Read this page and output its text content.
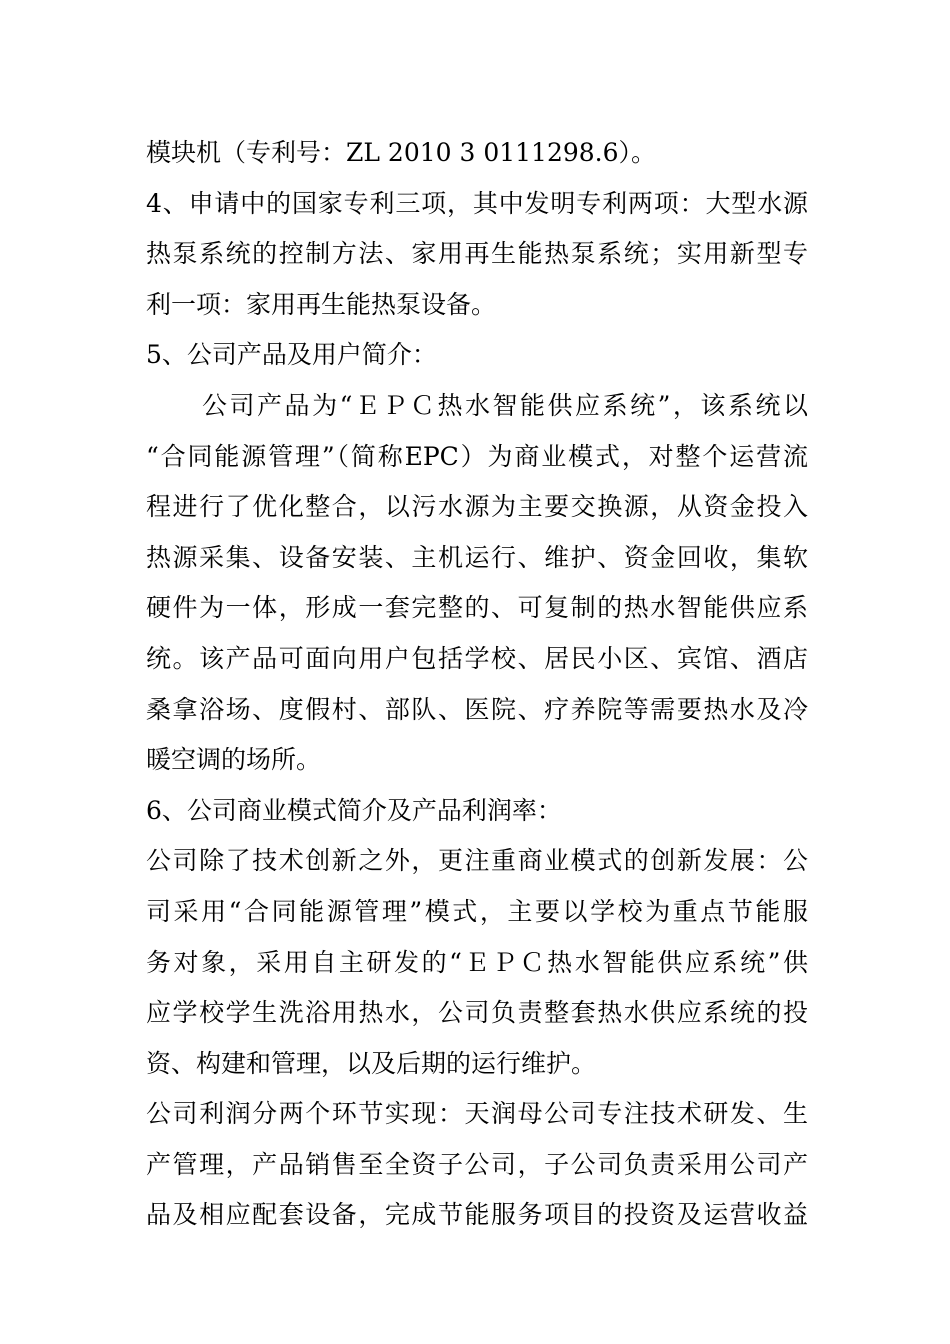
模块机（专利号：ZL 2010 3 0111298.6）。
4、申请中的国家专利三项，其中发明专利两项：大型水源
热泵系统的控制方法、家用再生能热泵系统；实用新型专
利一项：家用再生能热泵设备。
5、公司产品及用户简介：
公司产品为“ＥＰＣ热水智能供应系统”，该系统以
“合同能源管理”（简称EPC）为商业模式，对整个运营流
程进行了优化整合，以污水源为主要交换源，从资金投入
热源采集、设备安装、主机运行、维护、资金回收，集软
硬件为一体，形成一套完整的、可复制的热水智能供应系
统。该产品可面向用户包括学校、居民小区、宾馆、酒店
桑拿浴场、度假村、部队、医院、疗养院等需要热水及冷
暖空调的场所。
6、公司商业模式简介及产品利润率：
公司除了技术创新之外，更注重商业模式的创新发展：公
司采用“合同能源管理”模式，主要以学校为重点节能服
务对象，采用自主研发的“ＥＰＣ热水智能供应系统”供
应学校学生洗浴用热水，公司负责整套热水供应系统的投
资、构建和管理，以及后期的运行维护。
公司利润分两个环节实现：天润母公司专注技术研发、生
产管理，产品销售至全资子公司，子公司负责采用公司产
品及相应配套设备，完成节能服务项目的投资及运营收益
